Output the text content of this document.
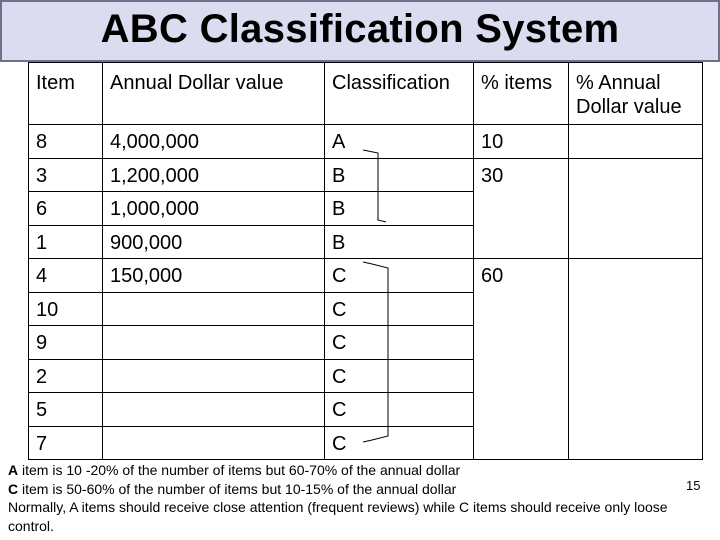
ABC Classification System
Item	Annual Dollar value	Classification	% items	% Annual Dollar value
8	4,000,000	A	10	
3	1,200,000	B	30	
6	1,000,000	B		
1	900,000	B		
4	150,000	C	60	
10		C		
9		C		
2		C		
5		C		
7		C		

A item is 10 -20% of the number of items but 60-70% of the annual dollar

C item is 50-60% of the number of items but 10-15% of the annual dollar

Normally, A items should receive close attention (frequent reviews) while C items should receive only loose control.

15
